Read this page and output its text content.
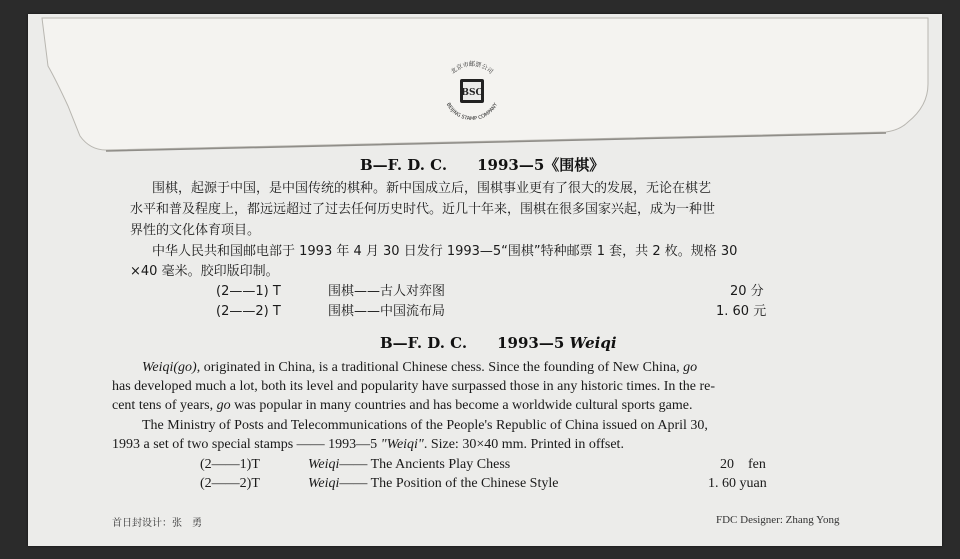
北京市邮票公司
BEIJING STAMP COMPANY
BSC
B—F. D. C.　　1993—5《围棋》
围棋，起源于中国，是中国传统的棋种。新中国成立后，围棋事业更有了很大的发展，无论在棋艺
水平和普及程度上，都远远超过了过去任何历史时代。近几十年来，围棋在很多国家兴起，成为一种世
界性的文化体育项目。
中华人民共和国邮电部于 1993 年 4 月 30 日发行 1993—5“围棋”特种邮票 1 套，共 2 枚。规格 30
×40 毫米。胶印版印制。
(2——1) T	围棋——古人对弈图	20 分
(2——2) T	围棋——中国流布局	1. 60 元
B—F. D. C.　　1993—5 Weiqi
Weiqi(go), originated in China, is a traditional Chinese chess. Since the founding of New China, go
has developed much a lot, both its level and popularity have surpassed those in any historic times. In the re-
cent tens of years, go was popular in many countries and has become a worldwide cultural sports game.
The Ministry of Posts and Telecommunications of the People's Republic of China issued on April 30,
1993 a set of two special stamps —— 1993—5 "Weiqi". Size: 30×40 mm. Printed in offset.
(2——1)T	Weiqi—— The Ancients Play Chess	20　fen
(2——2)T	Weiqi—— The Position of the Chinese Style	1. 60 yuan
首日封设计：张　勇	FDC Designer: Zhang Yong
